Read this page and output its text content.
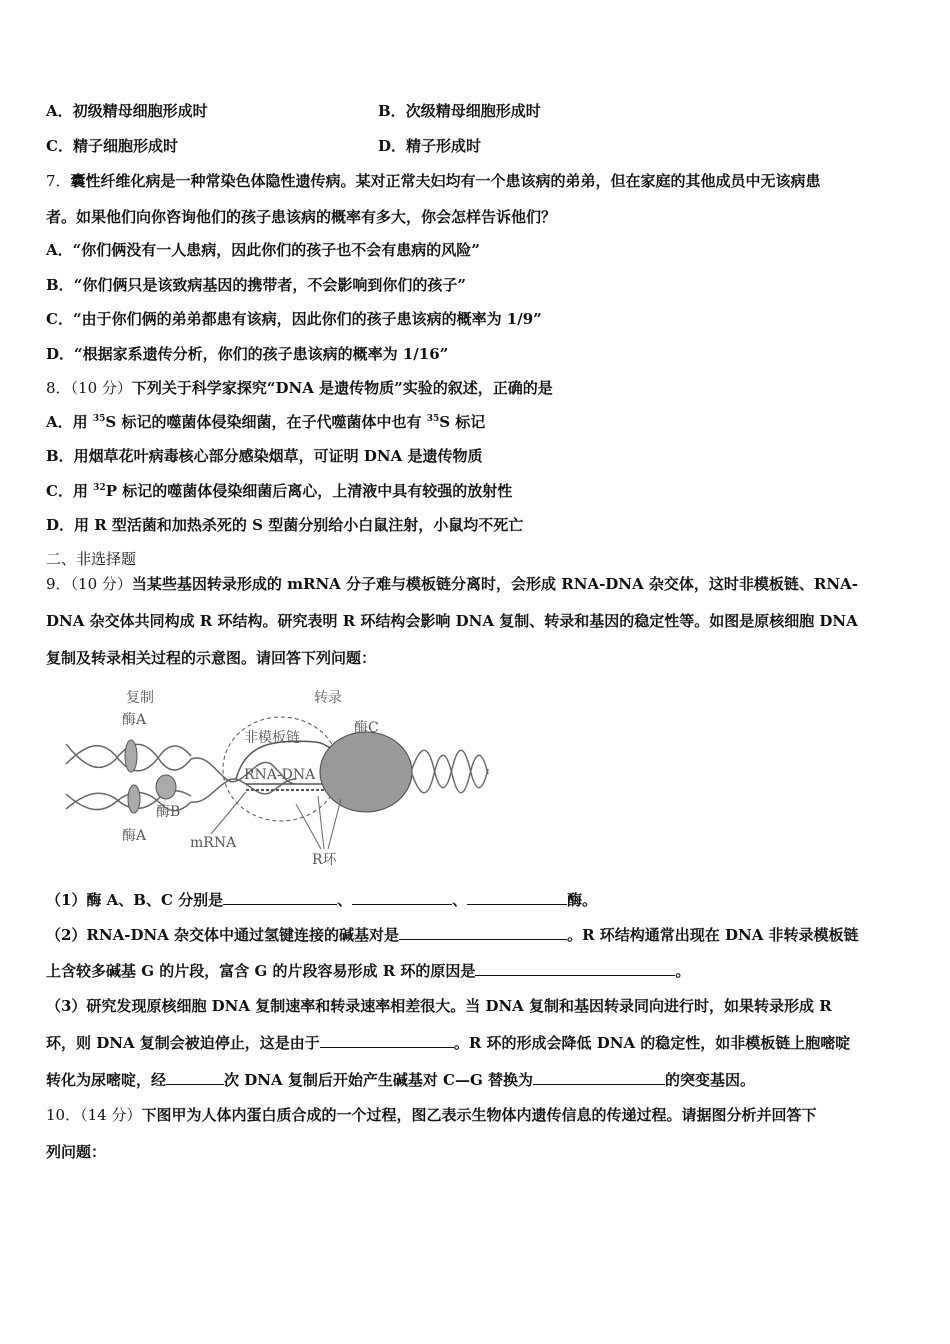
A．初级精母细胞形成时	B．次级精母细胞形成时
C．精子细胞形成时	D．精子形成时
7．囊性纤维化病是一种常染色体隐性遗传病。某对正常夫妇均有一个患该病的弟弟，但在家庭的其他成员中无该病患
者。如果他们向你咨询他们的孩子患该病的概率有多大，你会怎样告诉他们？
A．“你们俩没有一人患病，因此你们的孩子也不会有患病的风险”
B．“你们俩只是该致病基因的携带者，不会影响到你们的孩子”
C．“由于你们俩的弟弟都患有该病，因此你们的孩子患该病的概率为 1/9”
D．“根据家系遗传分析，你们的孩子患该病的概率为 1/16”
8．（10 分）下列关于科学家探究“DNA 是遗传物质”实验的叙述，正确的是
A．用 $^{35}$S 标记的噬菌体侵染细菌，在子代噬菌体中也有 $^{35}$S 标记
B．用烟草花叶病毒核心部分感染烟草，可证明 DNA 是遗传物质
C．用 $^{32}$P 标记的噬菌体侵染细菌后离心，上清液中具有较强的放射性
D．用 R 型活菌和加热杀死的 S 型菌分别给小白鼠注射，小鼠均不死亡
二、非选择题
9．（10 分）当某些基因转录形成的 mRNA 分子难与模板链分离时，会形成 RNA-DNA 杂交体，这时非模板链、RNA-
DNA 杂交体共同构成 R 环结构。研究表明 R 环结构会影响 DNA 复制、转录和基因的稳定性等。如图是原核细胞 DNA
复制及转录相关过程的示意图。请回答下列问题：
复制	转录
酶A
酶A
酶B
酶C
非模板链
RNA-DNA
mRNA
R环
（1）酶 A、B、C 分别是	、	、	酶。
（2）RNA-DNA 杂交体中通过氢键连接的碱基对是	。R 环结构通常出现在 DNA 非转录模板链
上含较多碱基 G 的片段，富含 G 的片段容易形成 R 环的原因是	。
（3）研究发现原核细胞 DNA 复制速率和转录速率相差很大。当 DNA 复制和基因转录同向进行时，如果转录形成 R
环，则 DNA 复制会被迫停止，这是由于	。R 环的形成会降低 DNA 的稳定性，如非模板链上胞嘧啶
转化为尿嘧啶，经	次 DNA 复制后开始产生碱基对 C—G 替换为	的突变基因。
10．（14 分）下图甲为人体内蛋白质合成的一个过程，图乙表示生物体内遗传信息的传递过程。请据图分析并回答下
列问题：
